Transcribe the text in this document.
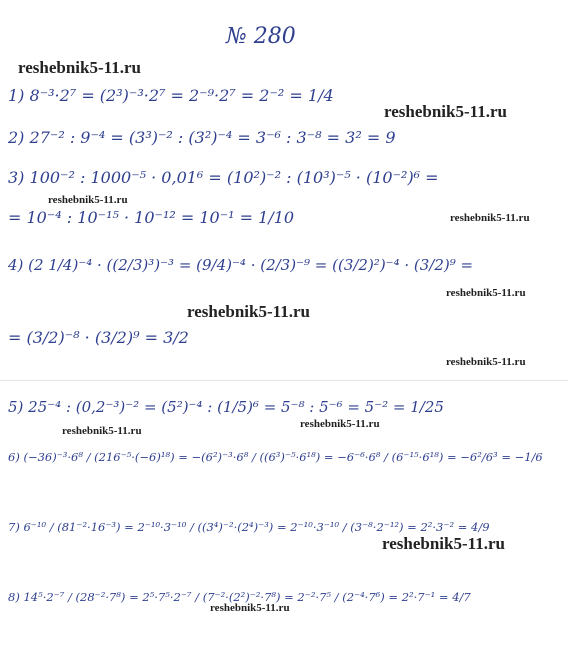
№ 280
reshebnik5-11.ru
reshebnik5-11.ru
reshebnik5-11.ru
reshebnik5-11.ru
reshebnik5-11.ru
reshebnik5-11.ru
reshebnik5-11.ru
reshebnik5-11.ru
reshebnik5-11.ru
reshebnik5-11.ru
reshebnik5-11.ru
1) 8⁻³·2⁷ = (2³)⁻³·2⁷ = 2⁻⁹·2⁷ = 2⁻² = 1/4
2) 27⁻² : 9⁻⁴ = (3³)⁻² : (3²)⁻⁴ = 3⁻⁶ : 3⁻⁸ = 3² = 9
3) 100⁻² : 1000⁻⁵ · 0,01⁶ = (10²)⁻² : (10³)⁻⁵ · (10⁻²)⁶ =
= 10⁻⁴ : 10⁻¹⁵ · 10⁻¹² = 10⁻¹ = 1/10
4) (2 1/4)⁻⁴ · ((2/3)³)⁻³ = (9/4)⁻⁴ · (2/3)⁻⁹ = ((3/2)²)⁻⁴ · (3/2)⁹ =
= (3/2)⁻⁸ · (3/2)⁹ = 3/2
5) 25⁻⁴ : (0,2⁻³)⁻² = (5²)⁻⁴ : (1/5)⁶ = 5⁻⁸ : 5⁻⁶ = 5⁻² = 1/25
6) (−36)⁻³·6⁸ / (216⁻⁵·(−6)¹⁸) = −(6²)⁻³·6⁸ / ((6³)⁻⁵·6¹⁸) = −6⁻⁶·6⁸ / (6⁻¹⁵·6¹⁸) = −6²/6³ = −1/6
7) 6⁻¹⁰ / (81⁻²·16⁻³) = 2⁻¹⁰·3⁻¹⁰ / ((3⁴)⁻²·(2⁴)⁻³) = 2⁻¹⁰·3⁻¹⁰ / (3⁻⁸·2⁻¹²) = 2²·3⁻² = 4/9
8) 14⁵·2⁻⁷ / (28⁻²·7⁸) = 2⁵·7⁵·2⁻⁷ / (7⁻²·(2²)⁻²·7⁸) = 2⁻²·7⁵ / (2⁻⁴·7⁶) = 2²·7⁻¹ = 4/7
